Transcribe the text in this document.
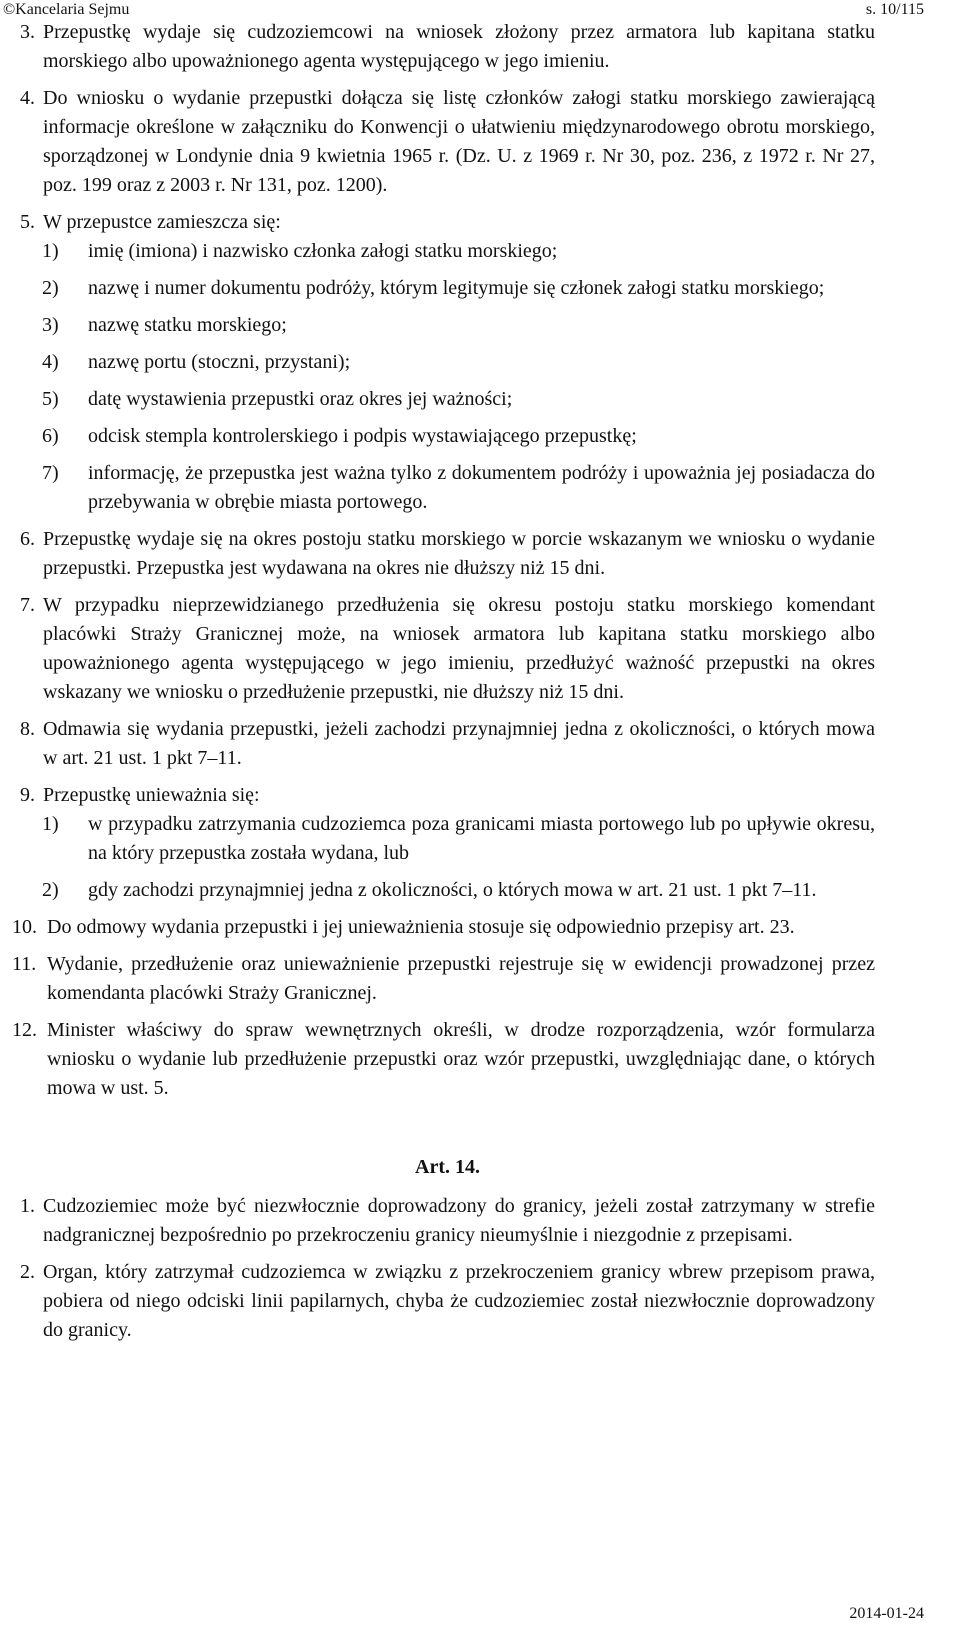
©Kancelaria Sejmu	s. 10/115
3. Przepustkę wydaje się cudzoziemcowi na wniosek złożony przez armatora lub kapitana statku morskiego albo upoważnionego agenta występującego w jego imieniu.
4. Do wniosku o wydanie przepustki dołącza się listę członków załogi statku morskiego zawierającą informacje określone w załączniku do Konwencji o ułatwieniu międzynarodowego obrotu morskiego, sporządzonej w Londynie dnia 9 kwietnia 1965 r. (Dz. U. z 1969 r. Nr 30, poz. 236, z 1972 r. Nr 27, poz. 199 oraz z 2003 r. Nr 131, poz. 1200).
5. W przepustce zamieszcza się:
1) imię (imiona) i nazwisko członka załogi statku morskiego;
2) nazwę i numer dokumentu podróży, którym legitymuje się członek załogi statku morskiego;
3) nazwę statku morskiego;
4) nazwę portu (stoczni, przystani);
5) datę wystawienia przepustki oraz okres jej ważności;
6) odcisk stempla kontrolerskiego i podpis wystawiającego przepustkę;
7) informację, że przepustka jest ważna tylko z dokumentem podróży i upoważnia jej posiadacza do przebywania w obrębie miasta portowego.
6. Przepustkę wydaje się na okres postoju statku morskiego w porcie wskazanym we wniosku o wydanie przepustki. Przepustka jest wydawana na okres nie dłuższy niż 15 dni.
7. W przypadku nieprzewidzianego przedłużenia się okresu postoju statku morskiego komendant placówki Straży Granicznej może, na wniosek armatora lub kapitana statku morskiego albo upoważnionego agenta występującego w jego imieniu, przedłużyć ważność przepustki na okres wskazany we wniosku o przedłużenie przepustki, nie dłuższy niż 15 dni.
8. Odmawia się wydania przepustki, jeżeli zachodzi przynajmniej jedna z okoliczności, o których mowa w art. 21 ust. 1 pkt 7–11.
9. Przepustkę unieważnia się:
1) w przypadku zatrzymania cudzoziemca poza granicami miasta portowego lub po upływie okresu, na który przepustka została wydana, lub
2) gdy zachodzi przynajmniej jedna z okoliczności, o których mowa w art. 21 ust. 1 pkt 7–11.
10. Do odmowy wydania przepustki i jej unieważnienia stosuje się odpowiednio przepisy art. 23.
11. Wydanie, przedłużenie oraz unieważnienie przepustki rejestruje się w ewidencji prowadzonej przez komendanta placówki Straży Granicznej.
12. Minister właściwy do spraw wewnętrznych określi, w drodze rozporządzenia, wzór formularza wniosku o wydanie lub przedłużenie przepustki oraz wzór przepustki, uwzględniając dane, o których mowa w ust. 5.
Art. 14.
1. Cudzoziemiec może być niezwłocznie doprowadzony do granicy, jeżeli został zatrzymany w strefie nadgranicznej bezpośrednio po przekroczeniu granicy nieumyślnie i niezgodnie z przepisami.
2. Organ, który zatrzymał cudzoziemca w związku z przekroczeniem granicy wbrew przepisom prawa, pobiera od niego odciski linii papilarnych, chyba że cudzoziemiec został niezwłocznie doprowadzony do granicy.
2014-01-24
